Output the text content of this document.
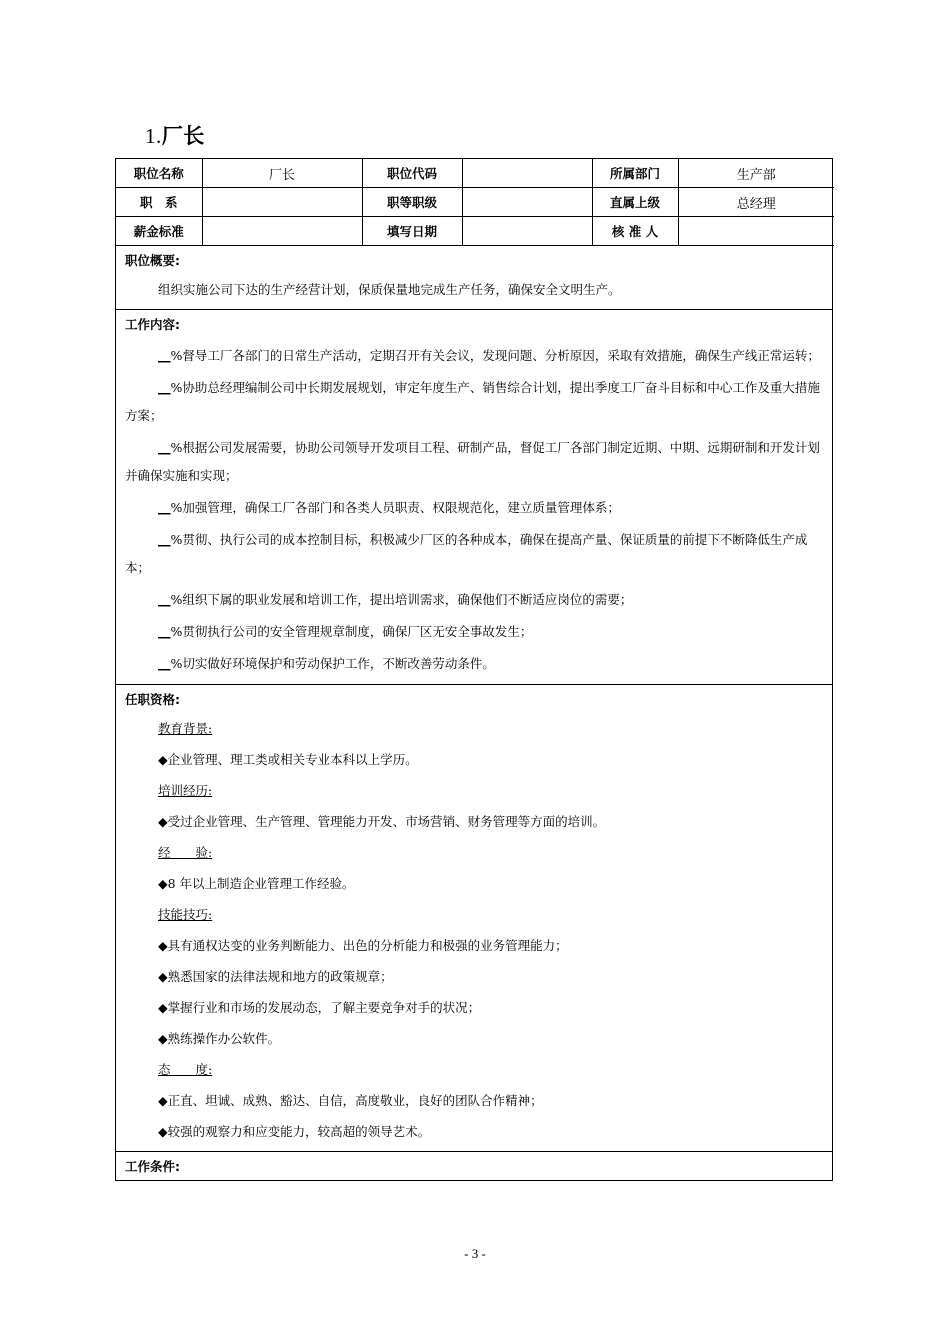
1.厂长
职位名称	厂长	职位代码		所属部门	生产部
职　系		职等职级		直属上级	总经理
薪金标准		填写日期		核 准 人	
职位概要:

组织实施公司下达的生产经营计划，保质保量地完成生产任务，确保安全文明生产。

工作内容:

__%督导工厂各部门的日常生产活动，定期召开有关会议，发现问题、分析原因，采取有效措施，确保生产线正常运转；

__%协助总经理编制公司中长期发展规划，审定年度生产、销售综合计划，提出季度工厂奋斗目标和中心工作及重大措施方案；

__%根据公司发展需要，协助公司领导开发项目工程、研制产品，督促工厂各部门制定近期、中期、远期研制和开发计划并确保实施和实现；

__%加强管理，确保工厂各部门和各类人员职责、权限规范化，建立质量管理体系；

__%贯彻、执行公司的成本控制目标，积极减少厂区的各种成本，确保在提高产量、保证质量的前提下不断降低生产成本；

__%组织下属的职业发展和培训工作，提出培训需求，确保他们不断适应岗位的需要；

__%贯彻执行公司的安全管理规章制度，确保厂区无安全事故发生；

__%切实做好环境保护和劳动保护工作，不断改善劳动条件。

任职资格:
教育背景:
◆企业管理、理工类或相关专业本科以上学历。
培训经历:
◆受过企业管理、生产管理、管理能力开发、市场营销、财务管理等方面的培训。
经　　验:
◆8 年以上制造企业管理工作经验。
技能技巧:
◆具有通权达变的业务判断能力、出色的分析能力和极强的业务管理能力；
◆熟悉国家的法律法规和地方的政策规章；
◆掌握行业和市场的发展动态，了解主要竞争对手的状况；
◆熟练操作办公软件。
态　　度:
◆正直、坦诚、成熟、豁达、自信，高度敬业，良好的团队合作精神；
◆较强的观察力和应变能力，较高超的领导艺术。
工作条件:
- 3 -
